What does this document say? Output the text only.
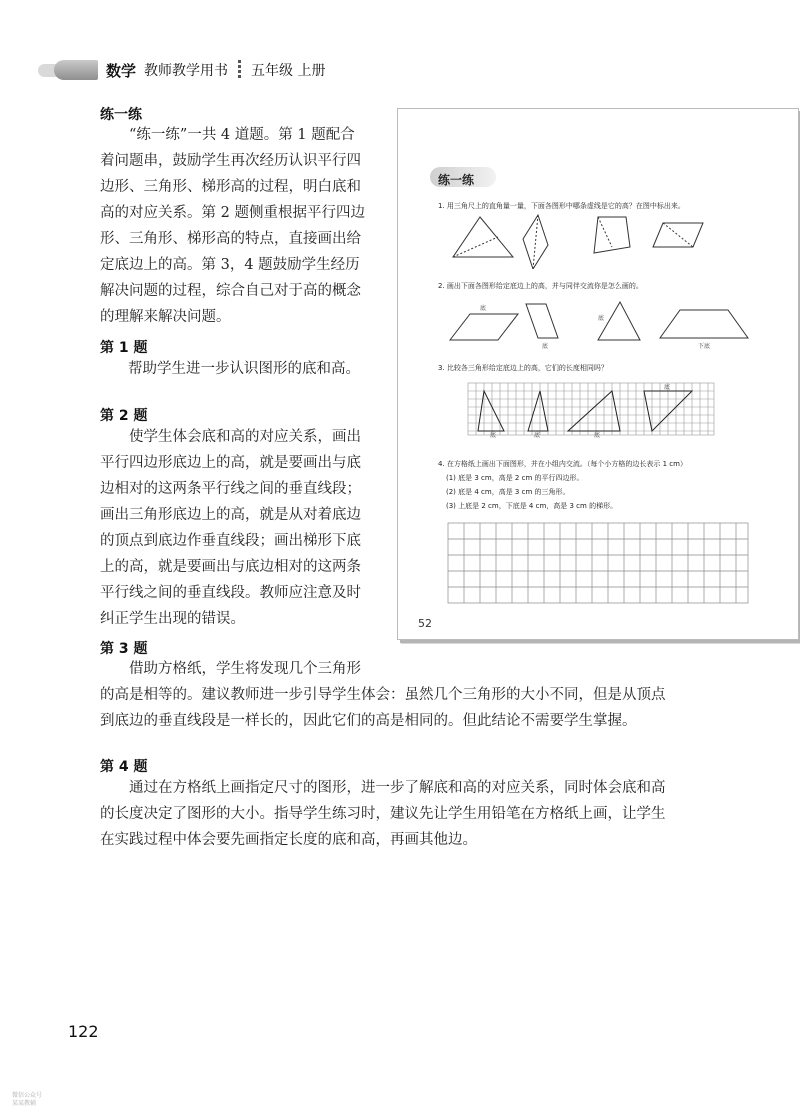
数学 教师教学用书 五年级 上册
练一练
“练一练”一共 4 道题。第 1 题配合
着问题串，鼓励学生再次经历认识平行四
边形、三角形、梯形高的过程，明白底和
高的对应关系。第 2 题侧重根据平行四边
形、三角形、梯形高的特点，直接画出给
定底边上的高。第 3，4 题鼓励学生经历
解决问题的过程，综合自己对于高的概念
的理解来解决问题。
第 1 题
帮助学生进一步认识图形的底和高。
第 2 题
使学生体会底和高的对应关系，画出
平行四边形底边上的高，就是要画出与底
边相对的这两条平行线之间的垂直线段；
画出三角形底边上的高，就是从对着底边
的顶点到底边作垂直线段；画出梯形下底
上的高，就是要画出与底边相对的这两条
平行线之间的垂直线段。教师应注意及时
纠正学生出现的错误。
第 3 题
借助方格纸，学生将发现几个三角形
的高是相等的。建议教师进一步引导学生体会：虽然几个三角形的大小不同，但是从顶点
到底边的垂直线段是一样长的，因此它们的高是相同的。但此结论不需要学生掌握。
第 4 题
通过在方格纸上画指定尺寸的图形，进一步了解底和高的对应关系，同时体会底和高
的长度决定了图形的大小。指导学生练习时，建议先让学生用铅笔在方格纸上画，让学生
在实践过程中体会要先画指定长度的底和高，再画其他边。
练一练
1. 用三角尺上的直角量一量，下面各图形中哪条虚线是它的高？在图中标出来。
2. 画出下面各图形给定底边上的高，并与同伴交流你是怎么画的。
底
底
底
下底
3. 比较各三角形给定底边上的高，它们的长度相同吗？
底	底	底
底
4. 在方格纸上画出下面图形，并在小组内交流。（每个小方格的边长表示 1 cm）
(1) 底是 3 cm，高是 2 cm 的平行四边形。
(2) 底是 4 cm，高是 3 cm 的三角形。
(3) 上底是 2 cm，下底是 4 cm，高是 3 cm 的梯形。
52
122
微信公众号
某某教辅
